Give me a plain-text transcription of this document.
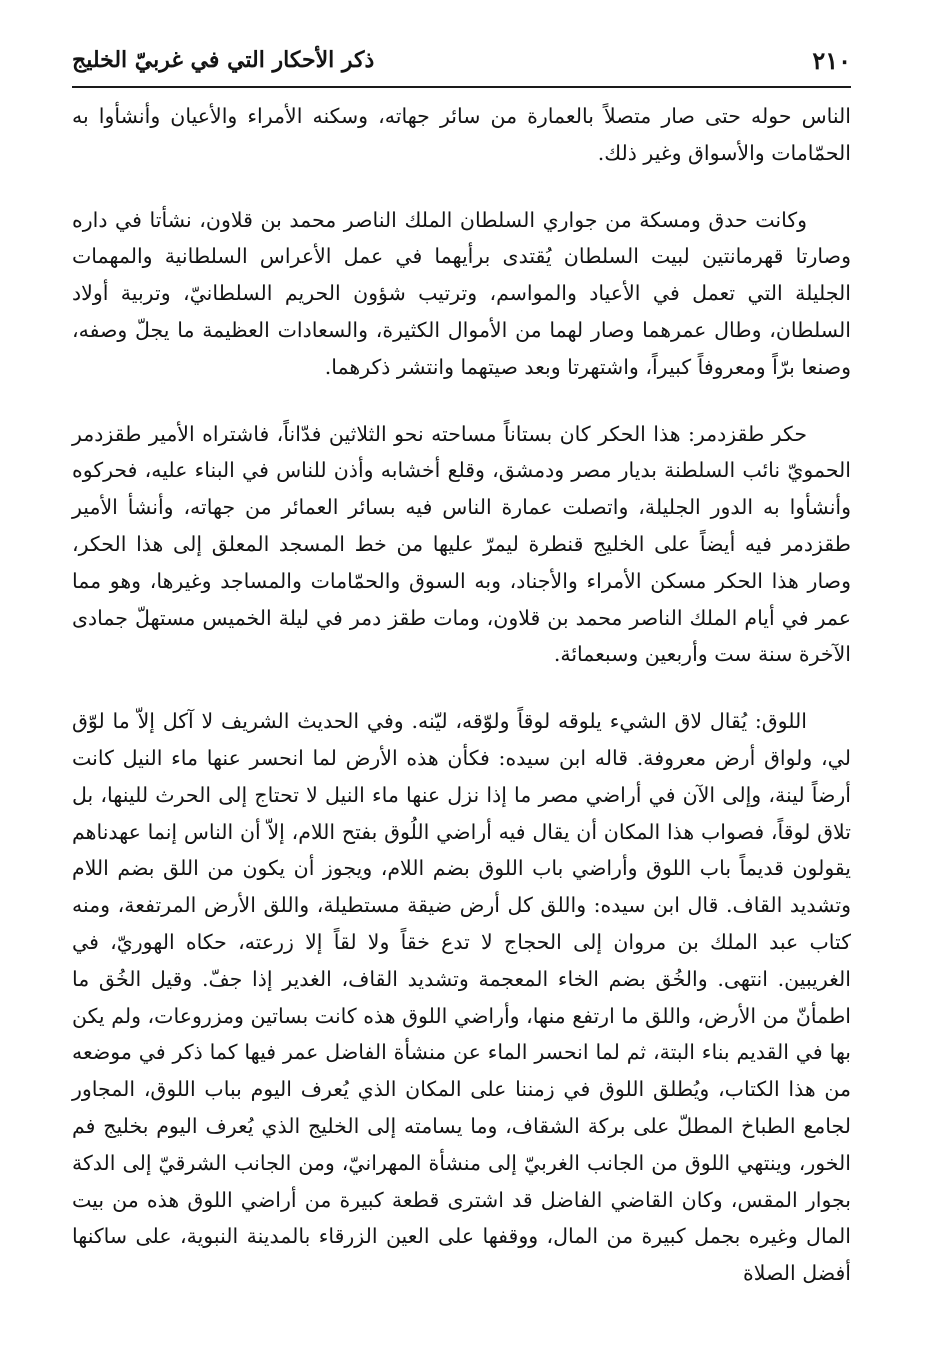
٢١٠
ذكر الأحكار التي في غربيّ الخليج

الناس حوله حتى صار متصلاً بالعمارة من سائر جهاته، وسكنه الأمراء والأعيان وأنشأوا به الحمّامات والأسواق وغير ذلك.

وكانت حدق ومسكة من جواري السلطان الملك الناصر محمد بن قلاون، نشأتا في داره وصارتا قهرمانتين لبيت السلطان يُقتدى برأيهما في عمل الأعراس السلطانية والمهمات الجليلة التي تعمل في الأعياد والمواسم، وترتيب شؤون الحريم السلطانيّ، وتربية أولاد السلطان، وطال عمرهما وصار لهما من الأموال الكثيرة، والسعادات العظيمة ما يجلّ وصفه، وصنعا برّاً ومعروفاً كبيراً، واشتهرتا وبعد صيتهما وانتشر ذكرهما.

حكر طقزدمر: هذا الحكر كان بستاناً مساحته نحو الثلاثين فدّاناً، فاشتراه الأمير طقزدمر الحمويّ نائب السلطنة بديار مصر ودمشق، وقلع أخشابه وأذن للناس في البناء عليه، فحركوه وأنشأوا به الدور الجليلة، واتصلت عمارة الناس فيه بسائر العمائر من جهاته، وأنشأ الأمير طقزدمر فيه أيضاً على الخليج قنطرة ليمرّ عليها من خط المسجد المعلق إلى هذا الحكر، وصار هذا الحكر مسكن الأمراء والأجناد، وبه السوق والحمّامات والمساجد وغيرها، وهو مما عمر في أيام الملك الناصر محمد بن قلاون، ومات طقز دمر في ليلة الخميس مستهلّ جمادى الآخرة سنة ست وأربعين وسبعمائة.

اللوق: يُقال لاق الشيء يلوقه لوقاً ولوّقه، ليّنه. وفي الحديث الشريف لا آكل إلاّ ما لوّق لي، ولواق أرض معروفة. قاله ابن سيده: فكأن هذه الأرض لما انحسر عنها ماء النيل كانت أرضاً لينة، وإلى الآن في أراضي مصر ما إذا نزل عنها ماء النيل لا تحتاج إلى الحرث للينها، بل تلاق لوقاً، فصواب هذا المكان أن يقال فيه أراضي اللُوق بفتح اللام، إلاّ أن الناس إنما عهدناهم يقولون قديماً باب اللوق وأراضي باب اللوق بضم اللام، ويجوز أن يكون من اللق بضم اللام وتشديد القاف. قال ابن سيده: واللق كل أرض ضيقة مستطيلة، واللق الأرض المرتفعة، ومنه كتاب عبد الملك بن مروان إلى الحجاج لا تدع خقاً ولا لقاً إلا زرعته، حكاه الهوريّ، في الغريبين. انتهى. والخُق بضم الخاء المعجمة وتشديد القاف، الغدير إذا جفّ. وقيل الخُق ما اطمأنّ من الأرض، واللق ما ارتفع منها، وأراضي اللوق هذه كانت بساتين ومزروعات، ولم يكن بها في القديم بناء البتة، ثم لما انحسر الماء عن منشأة الفاضل عمر فيها كما ذكر في موضعه من هذا الكتاب، ويُطلق اللوق في زمننا على المكان الذي يُعرف اليوم بباب اللوق، المجاور لجامع الطباخ المطلّ على بركة الشقاف، وما يسامته إلى الخليج الذي يُعرف اليوم بخليج فم الخور، وينتهي اللوق من الجانب الغربيّ إلى منشأة المهرانيّ، ومن الجانب الشرقيّ إلى الدكة بجوار المقس، وكان القاضي الفاضل قد اشترى قطعة كبيرة من أراضي اللوق هذه من بيت المال وغيره بجمل كبيرة من المال، ووقفها على العين الزرقاء بالمدينة النبوية، على ساكنها أفضل الصلاة
